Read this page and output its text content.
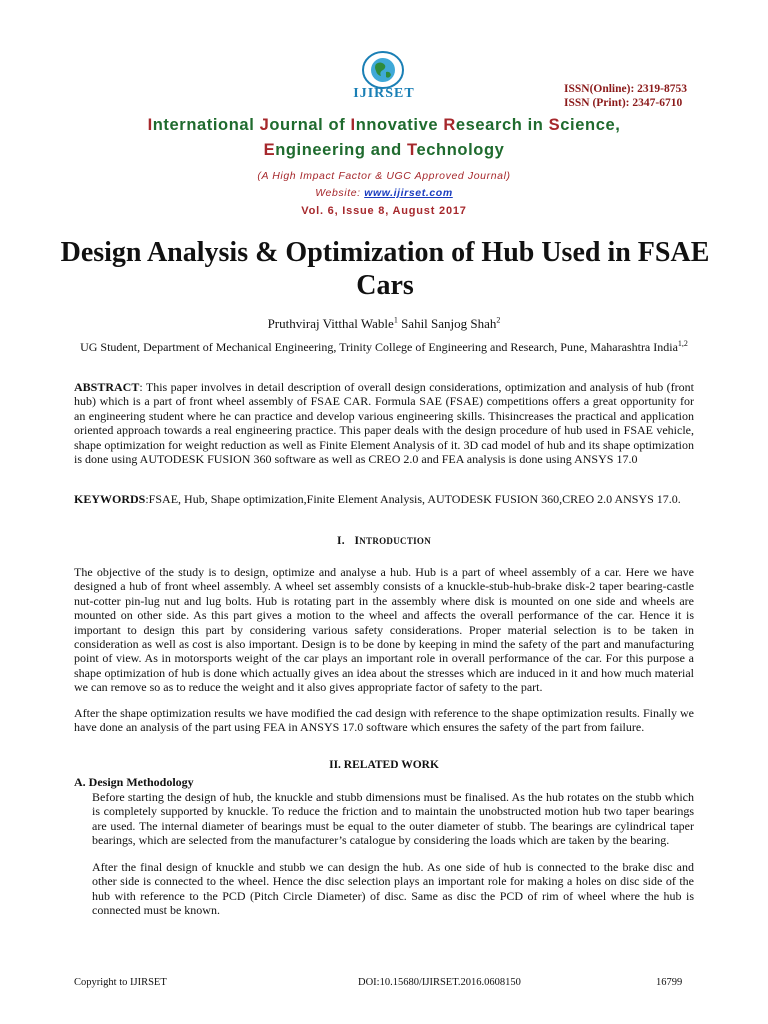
IJIRSET	ISSN(Online): 2319-8753
ISSN (Print): 2347-6710
International Journal of Innovative Research in Science,
Engineering and Technology
(A High Impact Factor & UGC Approved Journal)
Website: www.ijirset.com
Vol. 6, Issue 8, August 2017
Design Analysis & Optimization of Hub Used in FSAE Cars
Pruthviraj Vitthal Wable$^1$ Sahil Sanjog Shah$^2$
UG Student, Department of Mechanical Engineering, Trinity College of Engineering and Research, Pune, Maharashtra India$^{1,2}$
ABSTRACT: This paper involves in detail description of overall design considerations, optimization and analysis of hub (front hub) which is a part of front wheel assembly of FSAE CAR. Formula SAE (FSAE) competitions offers a great opportunity for an engineering student where he can practice and develop various engineering skills. Thisincreases the practical and application oriented approach towards a real engineering practice. This paper deals with the design procedure of hub used in FSAE vehicle, shape optimization for weight reduction as well as Finite Element Analysis of it. 3D cad model of hub and its shape optimization is done using AUTODESK FUSION 360 software as well as CREO 2.0 and FEA analysis is done using ANSYS 17.0
KEYWORDS:FSAE, Hub, Shape optimization,Finite Element Analysis, AUTODESK FUSION 360,CREO 2.0 ANSYS 17.0.
I. INTRODUCTION
The objective of the study is to design, optimize and analyse a hub. Hub is a part of wheel assembly of a car. Here we have designed a hub of front wheel assembly. A wheel set assembly consists of a knuckle-stub-hub-brake disk-2 taper bearing-castle nut-cotter pin-lug nut and lug bolts. Hub is rotating part in the assembly where disk is mounted on one side and wheels are mounted on other side. As this part gives a motion to the wheel and affects the overall performance of the car. Hence it is important to design this part by considering various safety considerations. Proper material selection is to be taken in consideration as well as cost is also important. Design is to be done by keeping in mind the safety of the part and manufacturing point of view. As in motorsports weight of the car plays an important role in overall performance of the car. For this purpose a shape optimization of hub is done which actually gives an idea about the stresses which are induced in it and how much material we can remove so as to reduce the weight and it also gives appropriate factor of safety to the part.
After the shape optimization results we have modified the cad design with reference to the shape optimization results. Finally we have done an analysis of the part using FEA in ANSYS 17.0 software which ensures the safety of the part from failure.
II. RELATED WORK
A. Design Methodology
Before starting the design of hub, the knuckle and stubb dimensions must be finalised. As the hub rotates on the stubb which is completely supported by knuckle. To reduce the friction and to maintain the unobstructed motion hub two taper bearings are used. The internal diameter of bearings must be equal to the outer diameter of stubb. The bearings are cylindrical taper bearings, which are selected from the manufacturer’s catalogue by considering the loads which are taken by the bearing.
After the final design of knuckle and stubb we can design the hub. As one side of hub is connected to the brake disc and other side is connected to the wheel. Hence the disc selection plays an important role for making a holes on disc side of the hub with reference to the PCD (Pitch Circle Diameter) of disc. Same as disc the PCD of rim of wheel where the hub is connected must be known.
Copyright to IJIRSET	DOI:10.15680/IJIRSET.2016.0608150	16799
